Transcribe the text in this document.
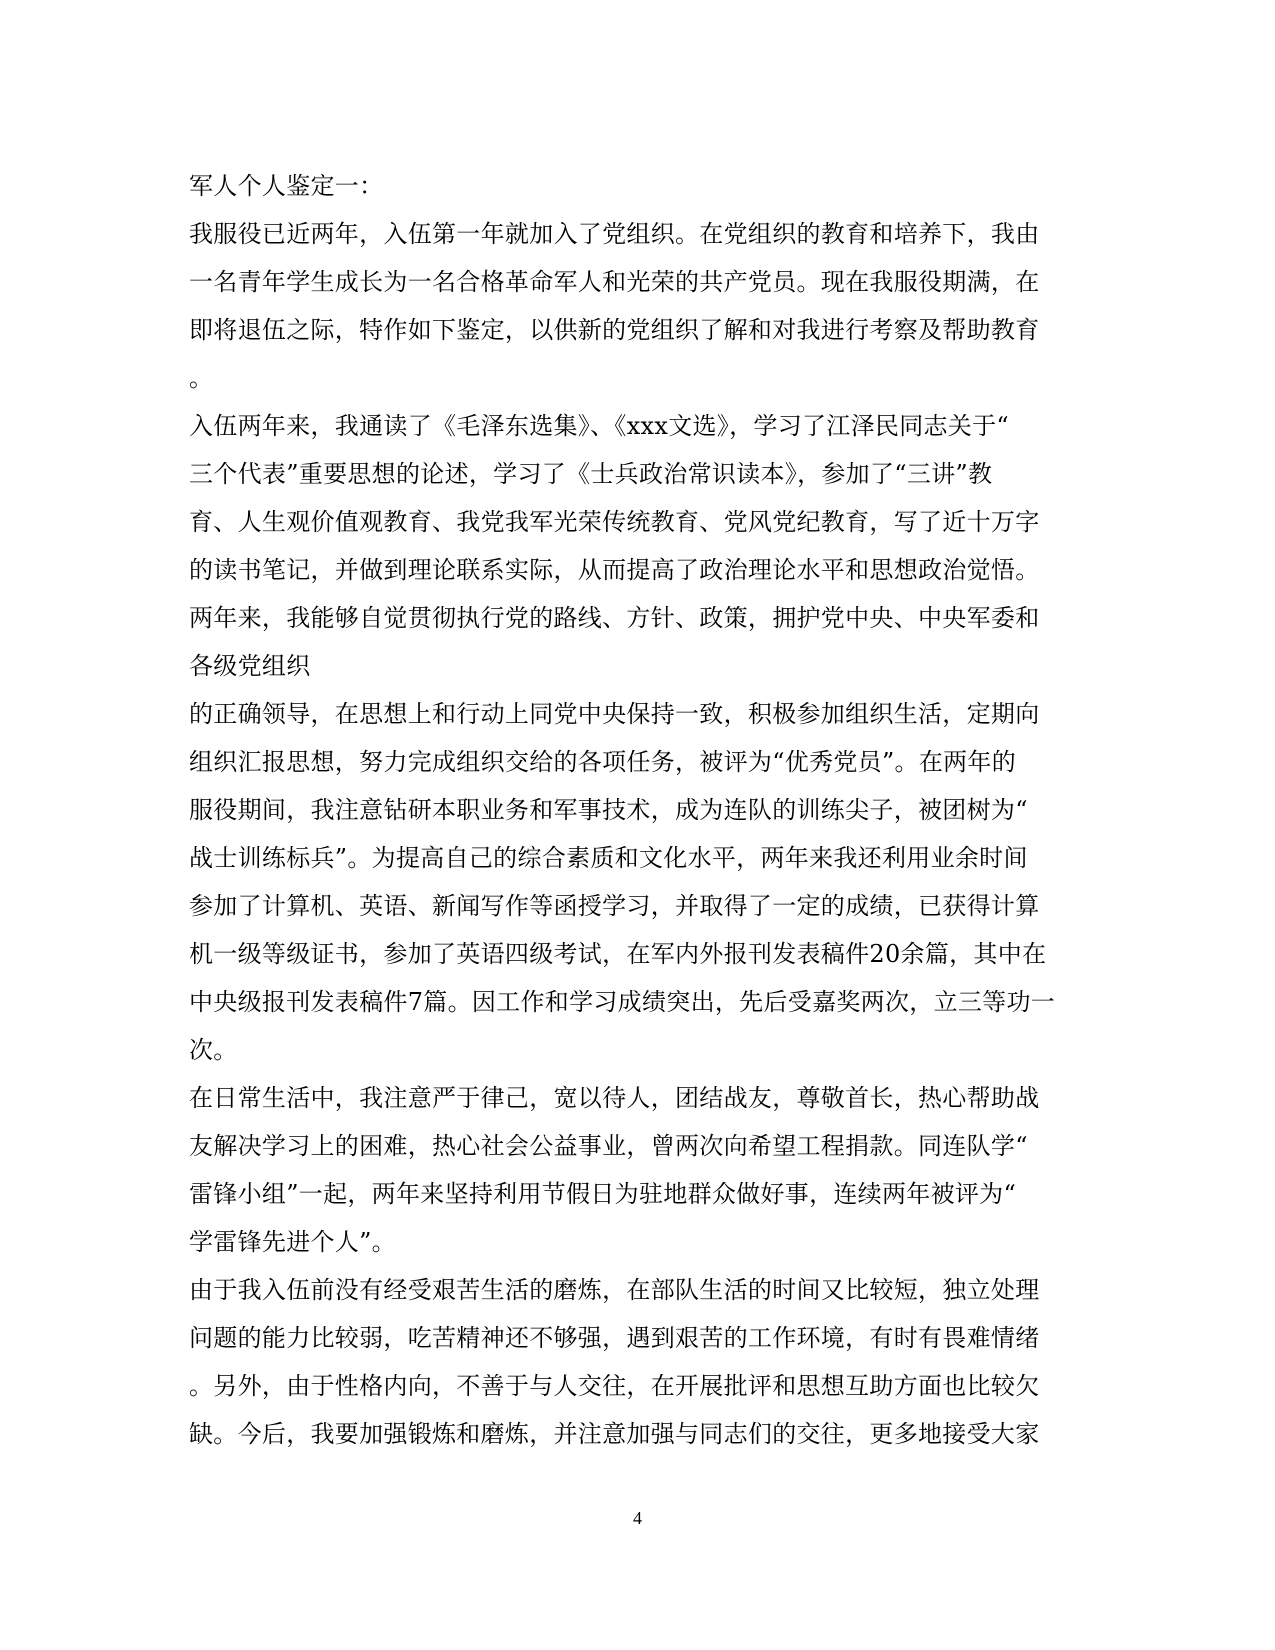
军人个人鉴定一：
我服役已近两年，入伍第一年就加入了党组织。在党组织的教育和培养下，我由
一名青年学生成长为一名合格革命军人和光荣的共产党员。现在我服役期满，在
即将退伍之际，特作如下鉴定，以供新的党组织了解和对我进行考察及帮助教育
。
入伍两年来，我通读了《毛泽东选集》、《xxx文选》，学习了江泽民同志关于“
三个代表”重要思想的论述，学习了《士兵政治常识读本》，参加了“三讲”教
育、人生观价值观教育、我党我军光荣传统教育、党风党纪教育，写了近十万字
的读书笔记，并做到理论联系实际，从而提高了政治理论水平和思想政治觉悟。
两年来，我能够自觉贯彻执行党的路线、方针、政策，拥护党中央、中央军委和
各级党组织
的正确领导，在思想上和行动上同党中央保持一致，积极参加组织生活，定期向
组织汇报思想，努力完成组织交给的各项任务，被评为“优秀党员”。在两年的
服役期间，我注意钻研本职业务和军事技术，成为连队的训练尖子，被团树为“
战士训练标兵”。为提高自己的综合素质和文化水平，两年来我还利用业余时间
参加了计算机、英语、新闻写作等函授学习，并取得了一定的成绩，已获得计算
机一级等级证书，参加了英语四级考试，在军内外报刊发表稿件20余篇，其中在
中央级报刊发表稿件7篇。因工作和学习成绩突出，先后受嘉奖两次，立三等功一
次。
在日常生活中，我注意严于律己，宽以待人，团结战友，尊敬首长，热心帮助战
友解决学习上的困难，热心社会公益事业，曾两次向希望工程捐款。同连队学“
雷锋小组”一起，两年来坚持利用节假日为驻地群众做好事，连续两年被评为“
学雷锋先进个人”。
由于我入伍前没有经受艰苦生活的磨炼，在部队生活的时间又比较短，独立处理
问题的能力比较弱，吃苦精神还不够强，遇到艰苦的工作环境，有时有畏难情绪
。另外，由于性格内向，不善于与人交往，在开展批评和思想互助方面也比较欠
缺。今后，我要加强锻炼和磨炼，并注意加强与同志们的交往，更多地接受大家
4
